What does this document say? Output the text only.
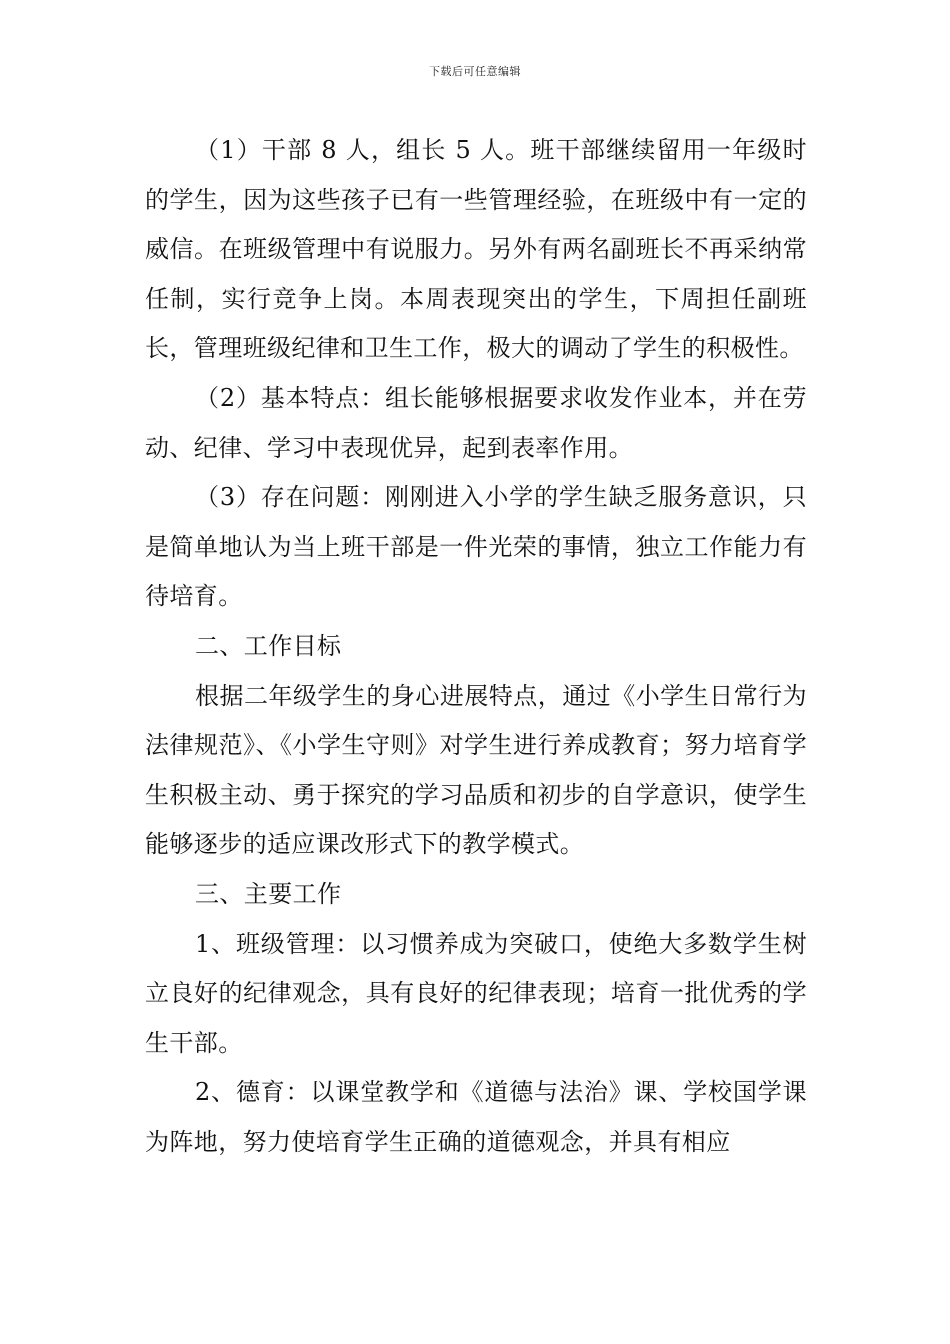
下载后可任意编辑

（1）干部 8 人，组长 5 人。班干部继续留用一年级时的学生，因为这些孩子已有一些管理经验，在班级中有一定的威信。在班级管理中有说服力。另外有两名副班长不再采纳常任制，实行竞争上岗。本周表现突出的学生，下周担任副班长，管理班级纪律和卫生工作，极大的调动了学生的积极性。

（2）基本特点：组长能够根据要求收发作业本，并在劳动、纪律、学习中表现优异，起到表率作用。

（3）存在问题：刚刚进入小学的学生缺乏服务意识，只是简单地认为当上班干部是一件光荣的事情，独立工作能力有待培育。

二、工作目标

根据二年级学生的身心进展特点，通过《小学生日常行为法律规范》、《小学生守则》对学生进行养成教育；努力培育学生积极主动、勇于探究的学习品质和初步的自学意识，使学生能够逐步的适应课改形式下的教学模式。

三、主要工作

1、班级管理：以习惯养成为突破口，使绝大多数学生树立良好的纪律观念，具有良好的纪律表现；培育一批优秀的学生干部。

2、德育：以课堂教学和《道德与法治》课、学校国学课为阵地，努力使培育学生正确的道德观念，并具有相应
